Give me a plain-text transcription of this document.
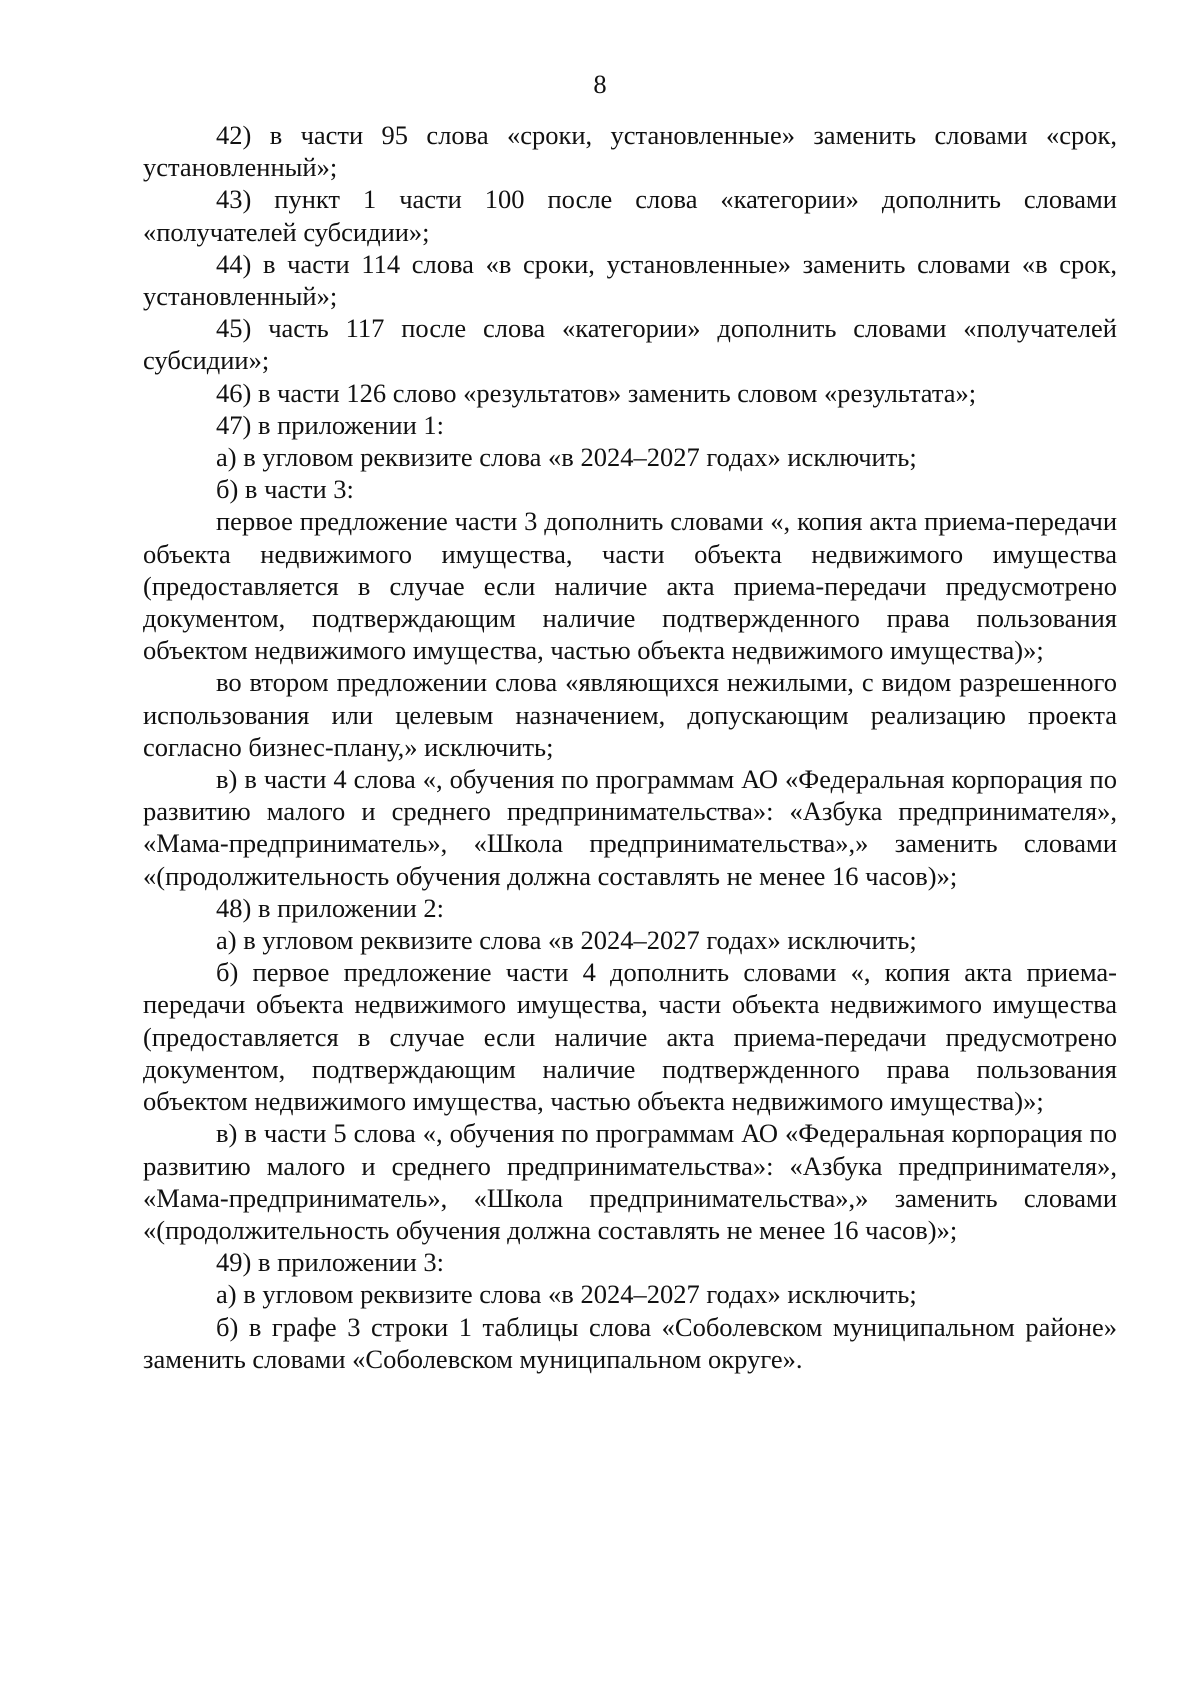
8

42) в части 95 слова «сроки, установленные» заменить словами «срок, установленный»;

43) пункт 1 части 100 после слова «категории» дополнить словами «получателей субсидии»;

44) в части 114 слова «в сроки, установленные» заменить словами «в срок, установленный»;

45) часть 117 после слова «категории» дополнить словами «получателей субсидии»;

46) в части 126 слово «результатов» заменить словом «результата»;

47) в приложении 1:

а) в угловом реквизите слова «в 2024–2027 годах» исключить;

б) в части 3:

первое предложение части 3 дополнить словами «, копия акта приема-передачи объекта недвижимого имущества, части объекта недвижимого имущества (предоставляется в случае если наличие акта приема-передачи предусмотрено документом, подтверждающим наличие подтвержденного права пользования объектом недвижимого имущества, частью объекта недвижимого имущества)»;

во втором предложении слова «являющихся нежилыми, с видом разрешенного использования или целевым назначением, допускающим реализацию проекта согласно бизнес-плану,» исключить;

в) в части 4 слова «, обучения по программам АО «Федеральная корпорация по развитию малого и среднего предпринимательства»: «Азбука предпринимателя», «Мама-предприниматель», «Школа предпринимательства»,» заменить словами «(продолжительность обучения должна составлять не менее 16 часов)»;

48) в приложении 2:

а) в угловом реквизите слова «в 2024–2027 годах» исключить;

б) первое предложение части 4 дополнить словами «, копия акта приема-передачи объекта недвижимого имущества, части объекта недвижимого имущества (предоставляется в случае если наличие акта приема-передачи предусмотрено документом, подтверждающим наличие подтвержденного права пользования объектом недвижимого имущества, частью объекта недвижимого имущества)»;

в) в части 5 слова «, обучения по программам АО «Федеральная корпорация по развитию малого и среднего предпринимательства»: «Азбука предпринимателя», «Мама-предприниматель», «Школа предпринимательства»,» заменить словами «(продолжительность обучения должна составлять не менее 16 часов)»;

49) в приложении 3:

а) в угловом реквизите слова «в 2024–2027 годах» исключить;

б) в графе 3 строки 1 таблицы слова «Соболевском муниципальном районе» заменить словами «Соболевском муниципальном округе».
